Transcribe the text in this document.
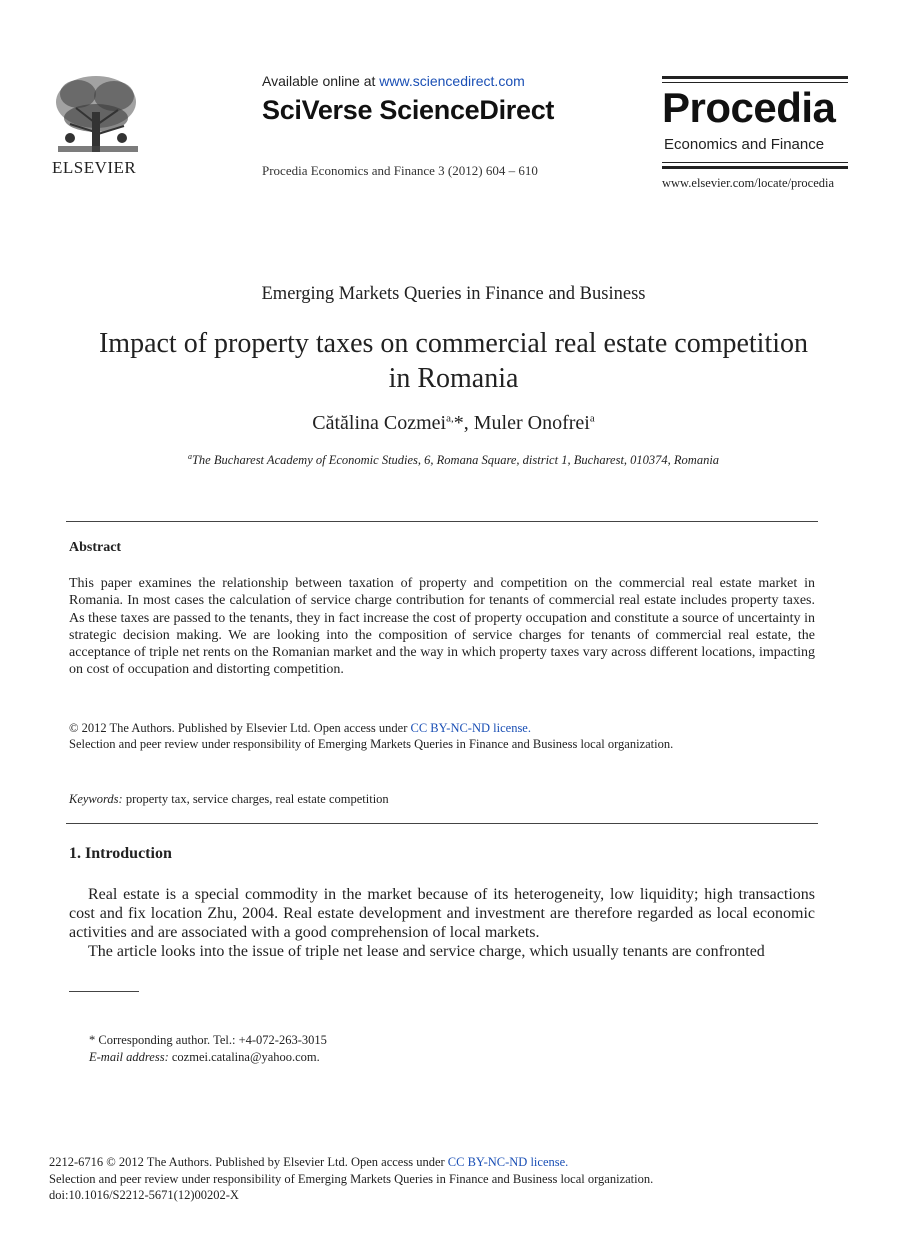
ELSEVIER
Available online at www.sciencedirect.com
SciVerse ScienceDirect
Procedia Economics and Finance 3 (2012) 604 – 610
Procedia
Economics and Finance
www.elsevier.com/locate/procedia
Emerging Markets Queries in Finance and Business
Impact of property taxes on commercial real estate competition
in Romania
Cătălina Cozmei$^{a,}$*, Muler Onofrei$^a$
$^a$The Bucharest Academy of Economic Studies, 6, Romana Square, district 1, Bucharest, 010374, Romania
Abstract
This paper examines the relationship between taxation of property and competition on the commercial real estate market in Romania. In most cases the calculation of service charge contribution for tenants of commercial real estate includes property taxes. As these taxes are passed to the tenants, they in fact increase the cost of property occupation and constitute a source of uncertainty in strategic decision making. We are looking into the composition of service charges for tenants of commercial real estate, the acceptance of triple net rents on the Romanian market and the way in which property taxes vary across different locations, impacting on cost of occupation and distorting competition.
© 2012 The Authors. Published by Elsevier Ltd. Open access under CC BY-NC-ND license.
Selection and peer review under responsibility of Emerging Markets Queries in Finance and Business local organization.
Keywords: property tax, service charges, real estate competition
1. Introduction
Real estate is a special commodity in the market because of its heterogeneity, low liquidity; high transactions cost and fix location Zhu, 2004. Real estate development and investment are therefore regarded as local economic activities and are associated with a good comprehension of local markets.
The article looks into the issue of triple net lease and service charge, which usually tenants are confronted
* Corresponding author. Tel.: +4-072-263-3015
E-mail address: cozmei.catalina@yahoo.com.
2212-6716 © 2012 The Authors. Published by Elsevier Ltd. Open access under CC BY-NC-ND license.
Selection and peer review under responsibility of Emerging Markets Queries in Finance and Business local organization.
doi:10.1016/S2212-5671(12)00202-X
